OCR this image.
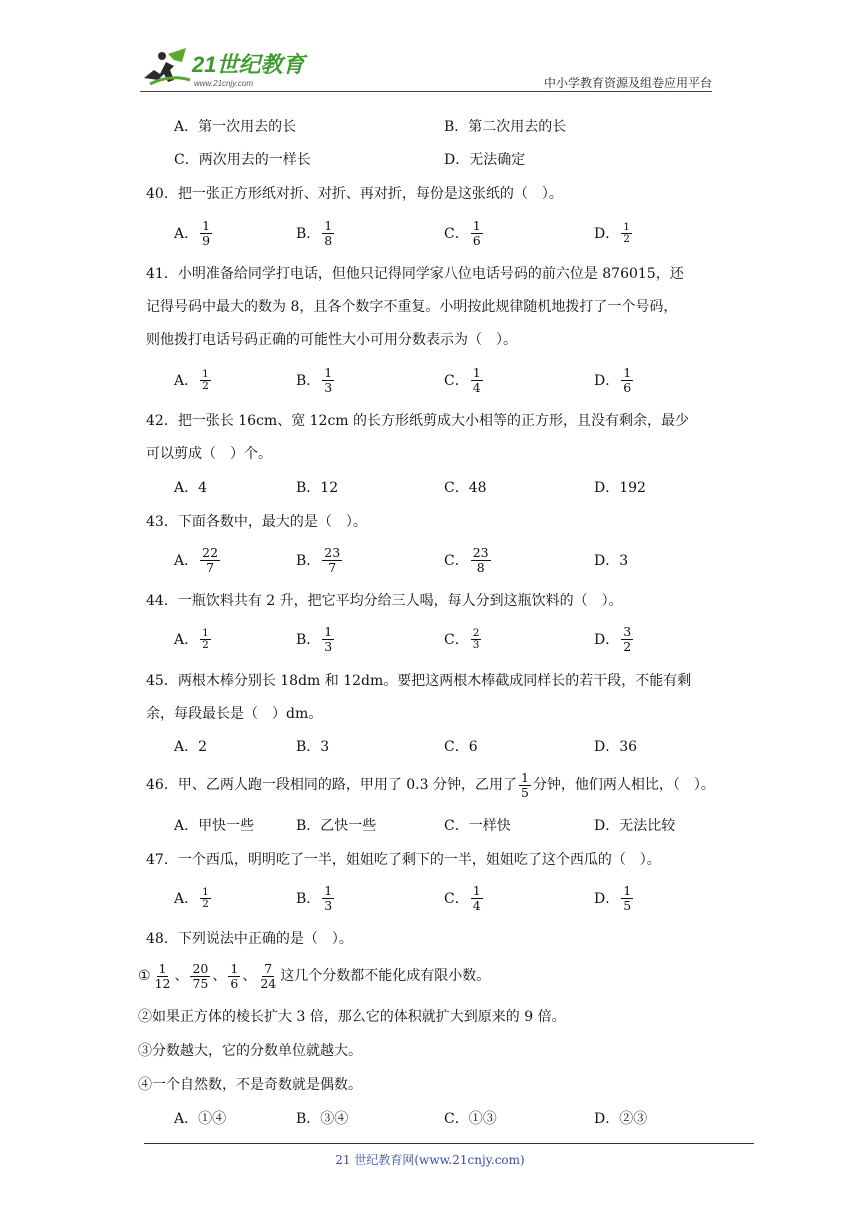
21世纪教育
www.21cnjy.com	中小学教育资源及组卷应用平台
A．第一次用去的长	B．第二次用去的长
C．两次用去的一样长	D．无法确定
40．把一张正方形纸对折、对折、再对折，每份是这张纸的（　）。
A． $\frac{1}{9}$	B． $\frac{1}{8}$	C． $\frac{1}{6}$	D． $\frac{1}{2}$
41．小明准备给同学打电话，但他只记得同学家八位电话号码的前六位是 876015，还
记得号码中最大的数为 8，且各个数字不重复。小明按此规律随机地拨打了一个号码，
则他拨打电话号码正确的可能性大小可用分数表示为（　）。
A． $\frac{1}{2}$	B． $\frac{1}{3}$	C． $\frac{1}{4}$	D． $\frac{1}{6}$
42．把一张长 16cm、宽 12cm 的长方形纸剪成大小相等的正方形，且没有剩余，最少
可以剪成（　）个。
A．4	B．12	C．48	D．192
43．下面各数中，最大的是（　）。
A． $\frac{22}{7}$	B． $\frac{23}{7}$	C． $\frac{23}{8}$	D．3
44．一瓶饮料共有 2 升，把它平均分给三人喝，每人分到这瓶饮料的（　）。
A． $\frac{1}{2}$	B． $\frac{1}{3}$	C． $\frac{2}{3}$	D． $\frac{3}{2}$
45．两根木棒分别长 18dm 和 12dm。要把这两根木棒截成同样长的若干段，不能有剩
余，每段最长是（　）dm。
A．2	B．3	C．6	D．36
46．甲、乙两人跑一段相同的路，甲用了 0.3 分钟，乙用了 $\frac{1}{5}$ 分钟，他们两人相比，（　）。
A．甲快一些	B．乙快一些	C．一样快	D．无法比较
47．一个西瓜，明明吃了一半，姐姐吃了剩下的一半，姐姐吃了这个西瓜的（　）。
A． $\frac{1}{2}$	B． $\frac{1}{3}$	C． $\frac{1}{4}$	D． $\frac{1}{5}$
48．下列说法中正确的是（　）。
① $\frac{1}{12}$ 、 $\frac{20}{75}$ 、 $\frac{1}{6}$ 、 $\frac{7}{24}$ 这几个分数都不能化成有限小数。
②如果正方体的棱长扩大 3 倍，那么它的体积就扩大到原来的 9 倍。
③分数越大，它的分数单位就越大。
④一个自然数，不是奇数就是偶数。
A．①④	B．③④	C．①③	D．②③
21 世纪教育网(www.21cnjy.com)
